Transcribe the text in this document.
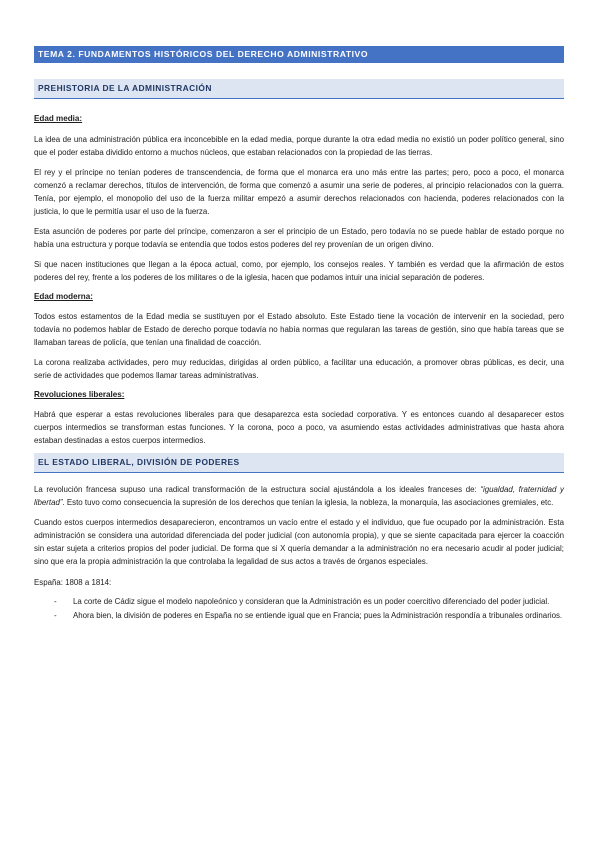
TEMA 2. FUNDAMENTOS HISTÓRICOS DEL DERECHO ADMINISTRATIVO
PREHISTORIA DE LA ADMINISTRACIÓN
Edad media:

La idea de una administración pública era inconcebible en la edad media, porque durante la otra edad media no existió un poder político general, sino que el poder estaba dividido entorno a muchos núcleos, que estaban relacionados con la propiedad de las tierras.

El rey y el príncipe no tenían poderes de transcendencia, de forma que el monarca era uno más entre las partes; pero, poco a poco, el monarca comenzó a reclamar derechos, títulos de intervención, de forma que comenzó a asumir una serie de poderes, al principio relacionados con la guerra. Tenía, por ejemplo, el monopolio del uso de la fuerza militar empezó a asumir derechos relacionados con hacienda, poderes relacionados con la justicia, lo que le permitía usar el uso de la fuerza.

Esta asunción de poderes por parte del príncipe, comenzaron a ser el principio de un Estado, pero todavía no se puede hablar de estado porque no había una estructura y porque todavía se entendía que todos estos poderes del rey provenían de un origen divino.

Si que nacen instituciones que llegan a la época actual, como, por ejemplo, los consejos reales. Y también es verdad que la afirmación de estos poderes del rey, frente a los poderes de los militares o de la iglesia, hacen que podamos intuir una inicial separación de poderes.

Edad moderna:

Todos estos estamentos de la Edad media se sustituyen por el Estado absoluto. Este Estado tiene la vocación de intervenir en la sociedad, pero todavía no podemos hablar de Estado de derecho porque todavía no había normas que regularan las tareas de gestión, sino que había tareas que se llamaban tareas de policía, que tenían una finalidad de coacción.

La corona realizaba actividades, pero muy reducidas, dirigidas al orden público, a facilitar una educación, a promover obras públicas, es decir, una serie de actividades que podemos llamar tareas administrativas.

Revoluciones liberales:

Habrá que esperar a estas revoluciones liberales para que desaparezca esta sociedad corporativa. Y es entonces cuando al desaparecer estos cuerpos intermedios se transforman estas funciones. Y la corona, poco a poco, va asumiendo estas actividades administrativas que hasta ahora estaban destinadas a estos cuerpos intermedios.

EL ESTADO LIBERAL, DIVISIÓN DE PODERES

La revolución francesa supuso una radical transformación de la estructura social ajustándola a los ideales franceses de: “igualdad, fraternidad y libertad”. Esto tuvo como consecuencia la supresión de los derechos que tenían la iglesia, la nobleza, la monarquía, las asociaciones gremiales, etc.

Cuando estos cuerpos intermedios desaparecieron, encontramos un vacío entre el estado y el individuo, que fue ocupado por la administración. Esta administración se considera una autoridad diferenciada del poder judicial (con autonomía propia), y que se siente capacitada para ejercer la coacción sin estar sujeta a criterios propios del poder judicial. De forma que si X quería demandar a la administración no era necesario acudir al poder judicial; sino que era la propia administración la que controlaba la legalidad de sus actos a través de órganos especiales.

España: 1808 a 1814:

- La corte de Cádiz sigue el modelo napoleónico y consideran que la Administración es un poder coercitivo diferenciado del poder judicial.
- Ahora bien, la división de poderes en España no se entiende igual que en Francia; pues la Administración respondía a tribunales ordinarios.
